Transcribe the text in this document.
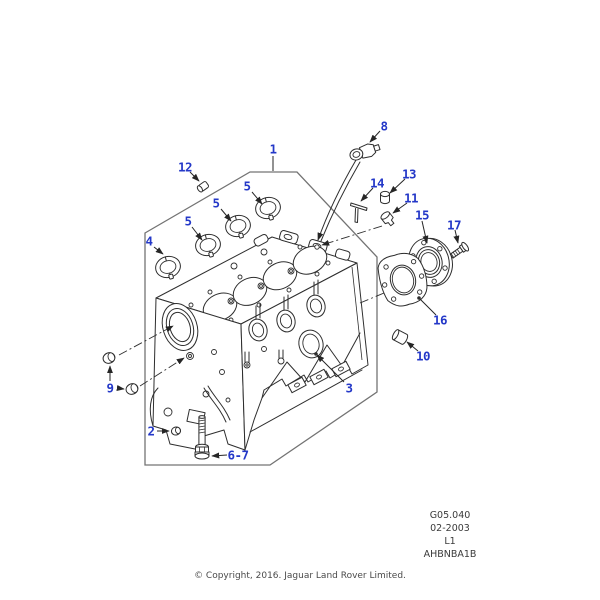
1
2
3
4
5
5
5
6-7
8
9
10
11
12	13
14
15
16
17
G05.040
02-2003
L1
AHBNBA1B
© Copyright, 2016. Jaguar Land Rover Limited.
